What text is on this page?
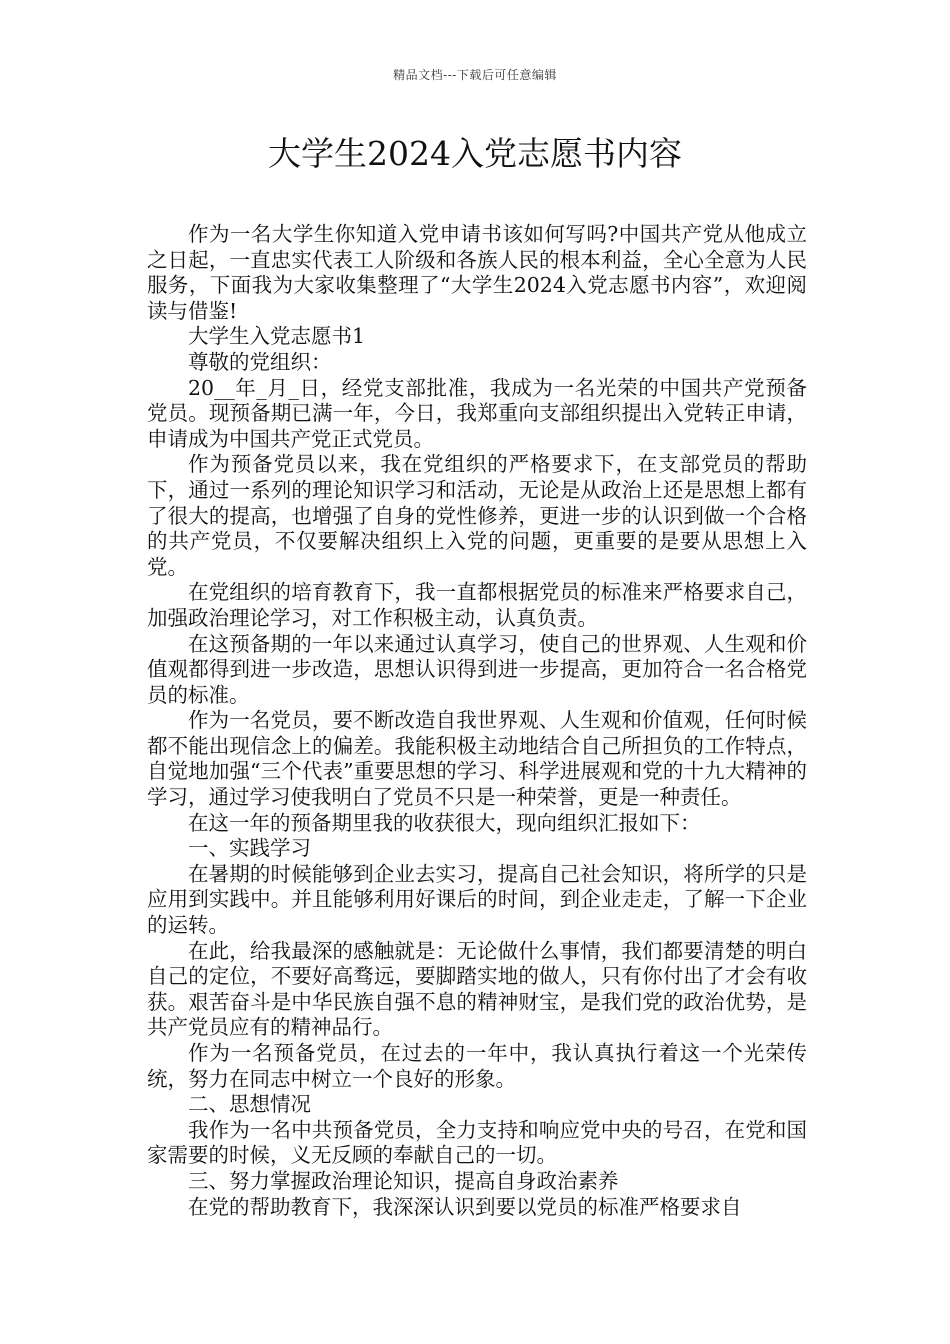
精品文档---下载后可任意编辑
大学生2024入党志愿书内容

作为一名大学生你知道入党申请书该如何写吗?中国共产党从他成立之日起，一直忠实代表工人阶级和各族人民的根本利益，全心全意为人民服务，下面我为大家收集整理了“大学生2024入党志愿书内容”，欢迎阅读与借鉴!

大学生入党志愿书1

尊敬的党组织：

20__年_月_日，经党支部批准，我成为一名光荣的中国共产党预备党员。现预备期已满一年，今日，我郑重向支部组织提出入党转正申请，申请成为中国共产党正式党员。

作为预备党员以来，我在党组织的严格要求下，在支部党员的帮助下，通过一系列的理论知识学习和活动，无论是从政治上还是思想上都有了很大的提高，也增强了自身的党性修养，更进一步的认识到做一个合格的共产党员，不仅要解决组织上入党的问题，更重要的是要从思想上入党。

在党组织的培育教育下，我一直都根据党员的标准来严格要求自己，加强政治理论学习，对工作积极主动，认真负责。

在这预备期的一年以来通过认真学习，使自己的世界观、人生观和价值观都得到进一步改造，思想认识得到进一步提高，更加符合一名合格党员的标准。

作为一名党员，要不断改造自我世界观、人生观和价值观，任何时候都不能出现信念上的偏差。我能积极主动地结合自己所担负的工作特点，自觉地加强“三个代表”重要思想的学习、科学进展观和党的十九大精神的学习，通过学习使我明白了党员不只是一种荣誉，更是一种责任。

在这一年的预备期里我的收获很大，现向组织汇报如下：

一、实践学习

在暑期的时候能够到企业去实习，提高自己社会知识，将所学的只是应用到实践中。并且能够利用好课后的时间，到企业走走，了解一下企业的运转。

在此，给我最深的感触就是：无论做什么事情，我们都要清楚的明白自己的定位，不要好高骛远，要脚踏实地的做人，只有你付出了才会有收获。艰苦奋斗是中华民族自强不息的精神财宝，是我们党的政治优势，是共产党员应有的精神品行。

作为一名预备党员，在过去的一年中，我认真执行着这一个光荣传统，努力在同志中树立一个良好的形象。

二、思想情况

我作为一名中共预备党员，全力支持和响应党中央的号召，在党和国家需要的时候，义无反顾的奉献自己的一切。

三、努力掌握政治理论知识，提高自身政治素养

在党的帮助教育下，我深深认识到要以党员的标准严格要求自
